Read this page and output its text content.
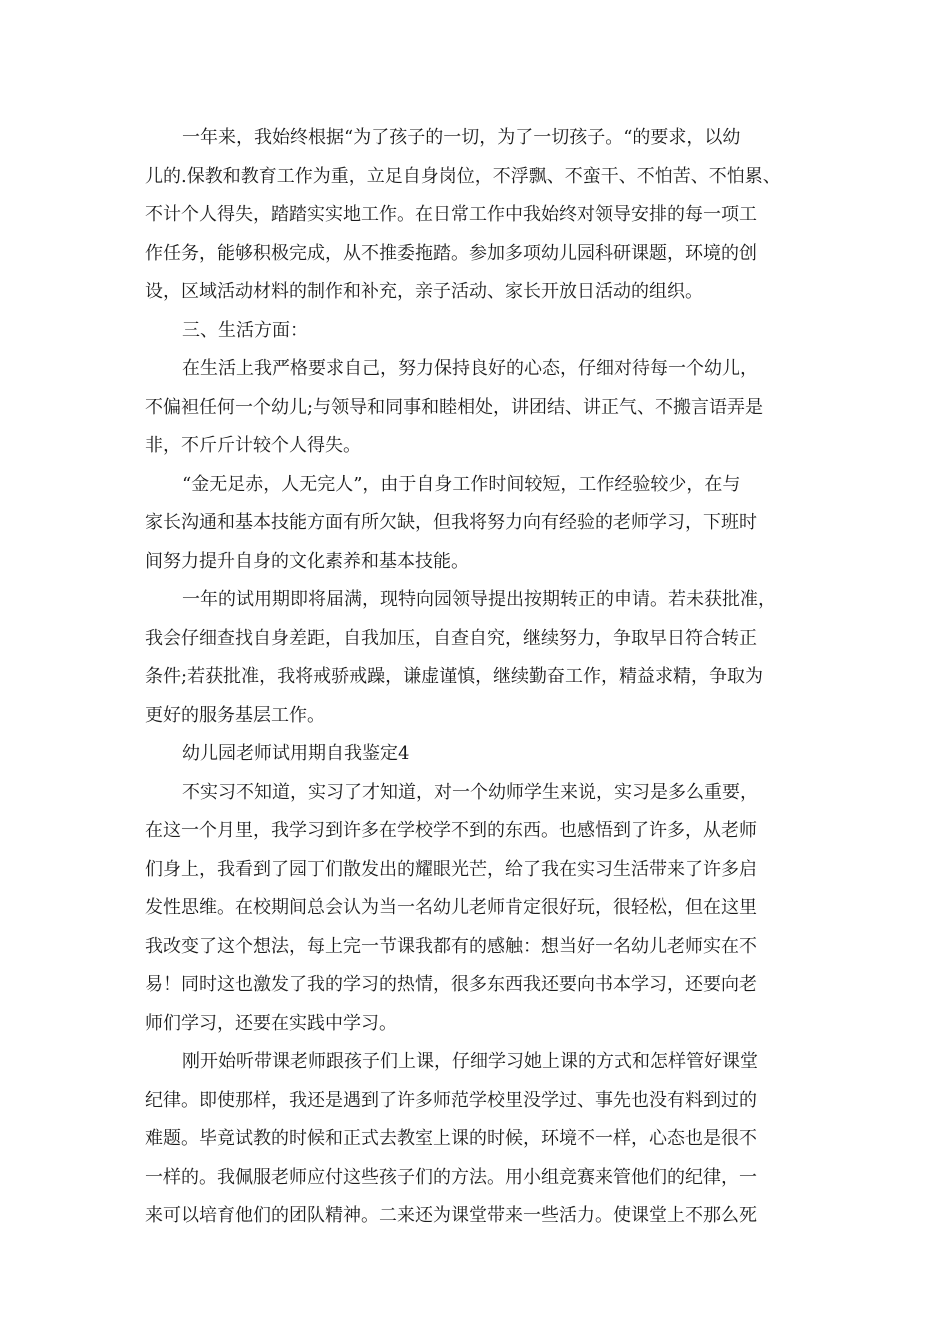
一年来，我始终根据“为了孩子的一切，为了一切孩子。“的要求，以幼
儿的.保教和教育工作为重，立足自身岗位，不浮飘、不蛮干、不怕苦、不怕累、
不计个人得失，踏踏实实地工作。在日常工作中我始终对领导安排的每一项工
作任务，能够积极完成，从不推委拖踏。参加多项幼儿园科研课题，环境的创
设，区域活动材料的制作和补充，亲子活动、家长开放日活动的组织。
三、生活方面：
在生活上我严格要求自己，努力保持良好的心态，仔细对待每一个幼儿，
不偏袒任何一个幼儿;与领导和同事和睦相处，讲团结、讲正气、不搬言语弄是
非，不斤斤计较个人得失。
“金无足赤，人无完人”，由于自身工作时间较短，工作经验较少，在与
家长沟通和基本技能方面有所欠缺，但我将努力向有经验的老师学习，下班时
间努力提升自身的文化素养和基本技能。
一年的试用期即将届满，现特向园领导提出按期转正的申请。若未获批准，
我会仔细查找自身差距，自我加压，自查自究，继续努力，争取早日符合转正
条件;若获批准，我将戒骄戒躁，谦虚谨慎，继续勤奋工作，精益求精，争取为
更好的服务基层工作。
幼儿园老师试用期自我鉴定4
不实习不知道，实习了才知道，对一个幼师学生来说，实习是多么重要，
在这一个月里，我学习到许多在学校学不到的东西。也感悟到了许多，从老师
们身上，我看到了园丁们散发出的耀眼光芒，给了我在实习生活带来了许多启
发性思维。在校期间总会认为当一名幼儿老师肯定很好玩，很轻松，但在这里
我改变了这个想法，每上完一节课我都有的感触：想当好一名幼儿老师实在不
易！同时这也激发了我的学习的热情，很多东西我还要向书本学习，还要向老
师们学习，还要在实践中学习。
刚开始听带课老师跟孩子们上课，仔细学习她上课的方式和怎样管好课堂
纪律。即使那样，我还是遇到了许多师范学校里没学过、事先也没有料到过的
难题。毕竟试教的时候和正式去教室上课的时候，环境不一样，心态也是很不
一样的。我佩服老师应付这些孩子们的方法。用小组竞赛来管他们的纪律，一
来可以培育他们的团队精神。二来还为课堂带来一些活力。使课堂上不那么死
